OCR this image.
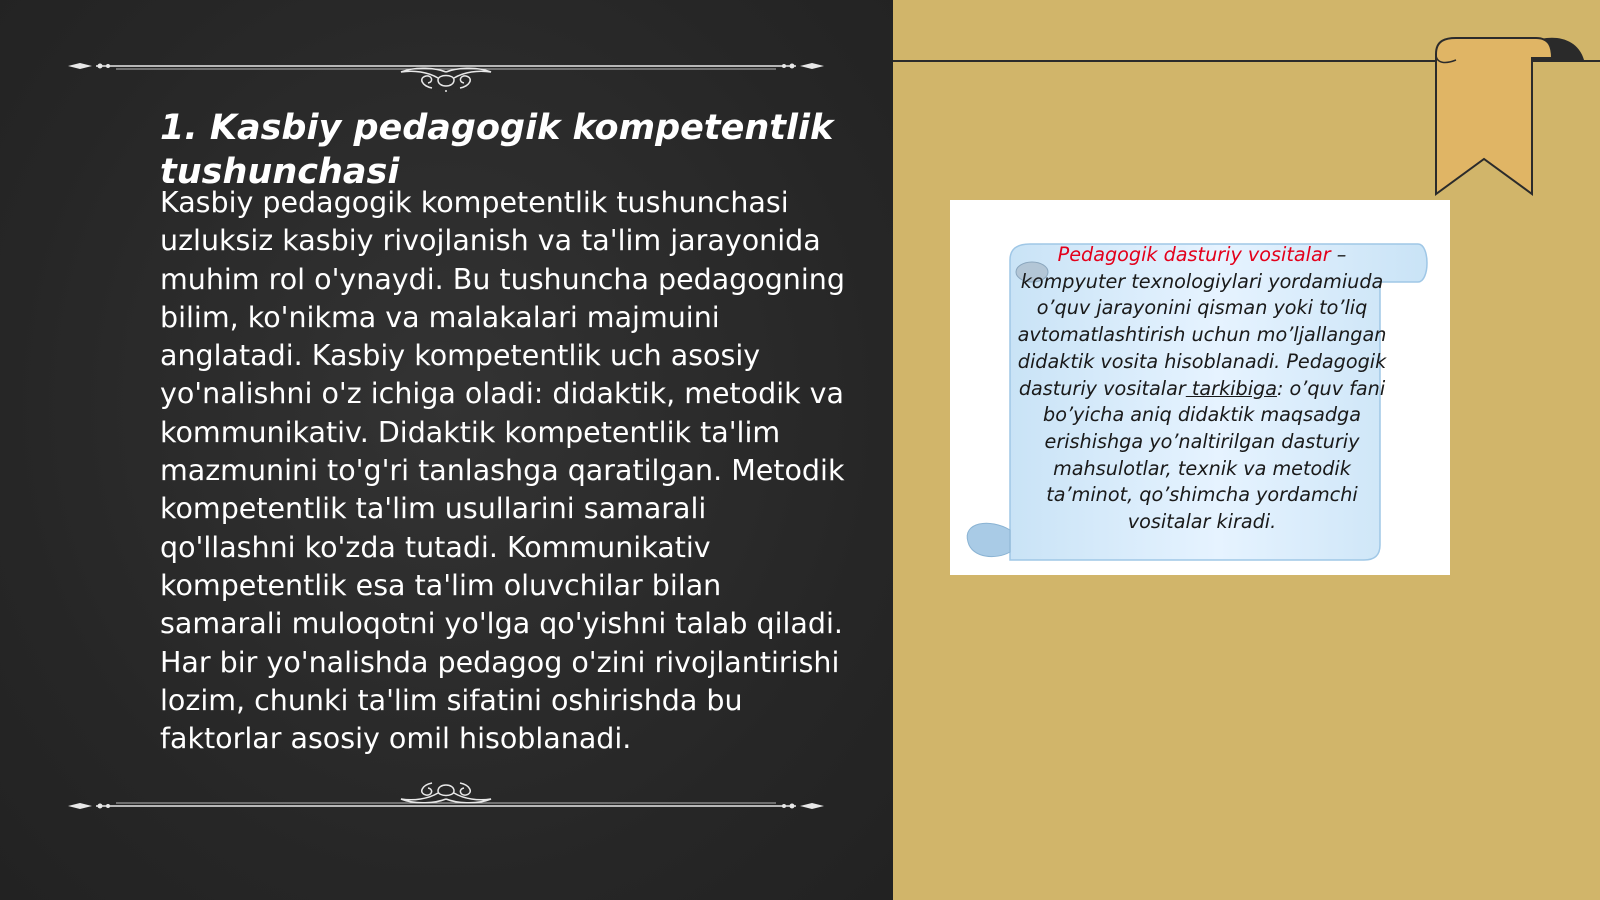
1. Kasbiy pedagogik kompetentlik tushunchasi

Kasbiy pedagogik kompetentlik tushunchasi uzluksiz kasbiy rivojlanish va ta'lim jarayonida muhim rol o'ynaydi. Bu tushuncha pedagogning bilim, ko'nikma va malakalari majmuini anglatadi. Kasbiy kompetentlik uch asosiy yo'nalishni o'z ichiga oladi: didaktik, metodik va kommunikativ. Didaktik kompetentlik ta'lim mazmunini to'g'ri tanlashga qaratilgan. Metodik kompetentlik ta'lim usullarini samarali qo'llashni ko'zda tutadi. Kommunikativ kompetentlik esa ta'lim oluvchilar bilan samarali muloqotni yo'lga qo'yishni talab qiladi. Har bir yo'nalishda pedagog o'zini rivojlantirishi lozim, chunki ta'lim sifatini oshirishda bu faktorlar asosiy omil hisoblanadi.

Pedagogik dasturiy vositalar – kompyuter texnologiylari yordamiuda o’quv jarayonini qisman yoki to’liq avtomatlashtirish uchun mo’ljallangan didaktik vosita hisoblanadi. Pedagogik dasturiy vositalar tarkibiga: o’quv fani bo’yicha aniq didaktik maqsadga erishishga yo’naltirilgan dasturiy mahsulotlar, texnik va metodik ta’minot, qo’shimcha yordamchi vositalar kiradi.
